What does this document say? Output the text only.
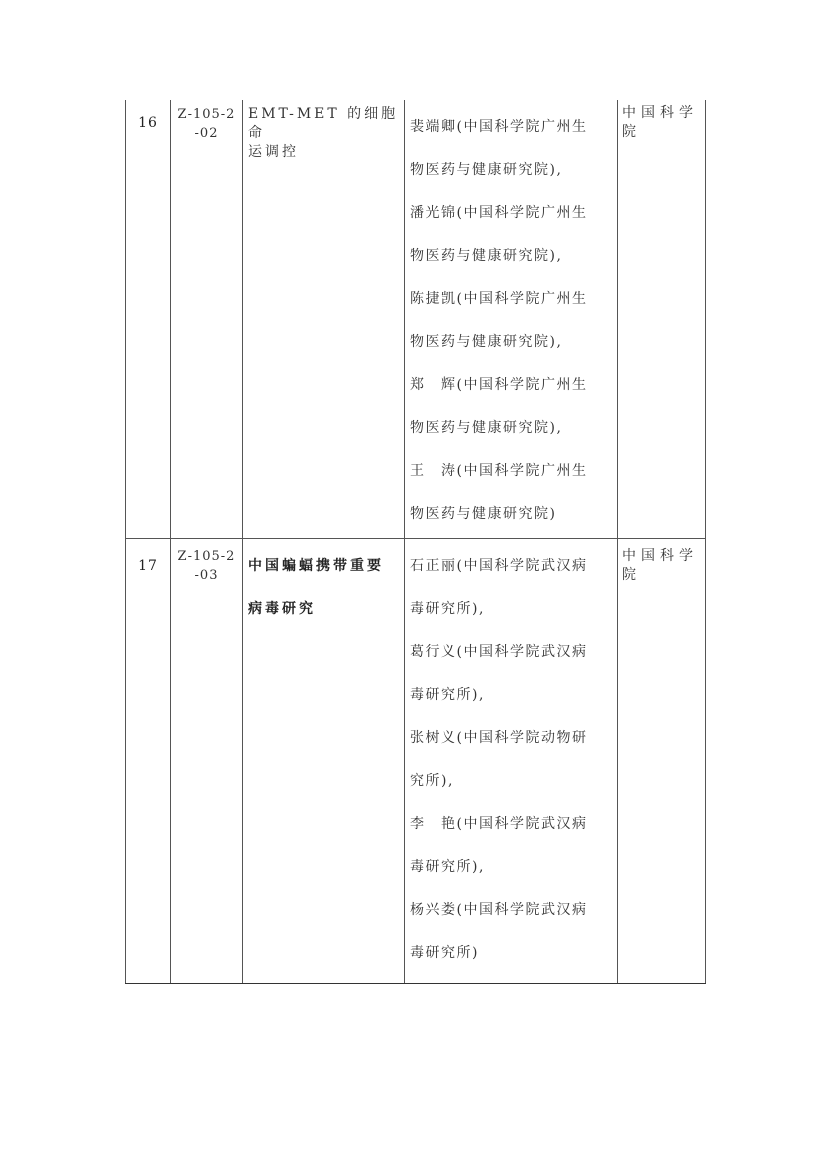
16
Z-105-2
-02
EMT-MET 的细胞命
运调控
裴端卿(中国科学院广州生
物医药与健康研究院),
潘光锦(中国科学院广州生
物医药与健康研究院),
陈捷凯(中国科学院广州生
物医药与健康研究院),
郑　辉(中国科学院广州生
物医药与健康研究院),
王　涛(中国科学院广州生
物医药与健康研究院)
中国科学
院
17
Z-105-2
-03
中国蝙蝠携带重要
病毒研究
石正丽(中国科学院武汉病
毒研究所),
葛行义(中国科学院武汉病
毒研究所),
张树义(中国科学院动物研
究所),
李　艳(中国科学院武汉病
毒研究所),
杨兴娄(中国科学院武汉病
毒研究所)
中国科学
院
